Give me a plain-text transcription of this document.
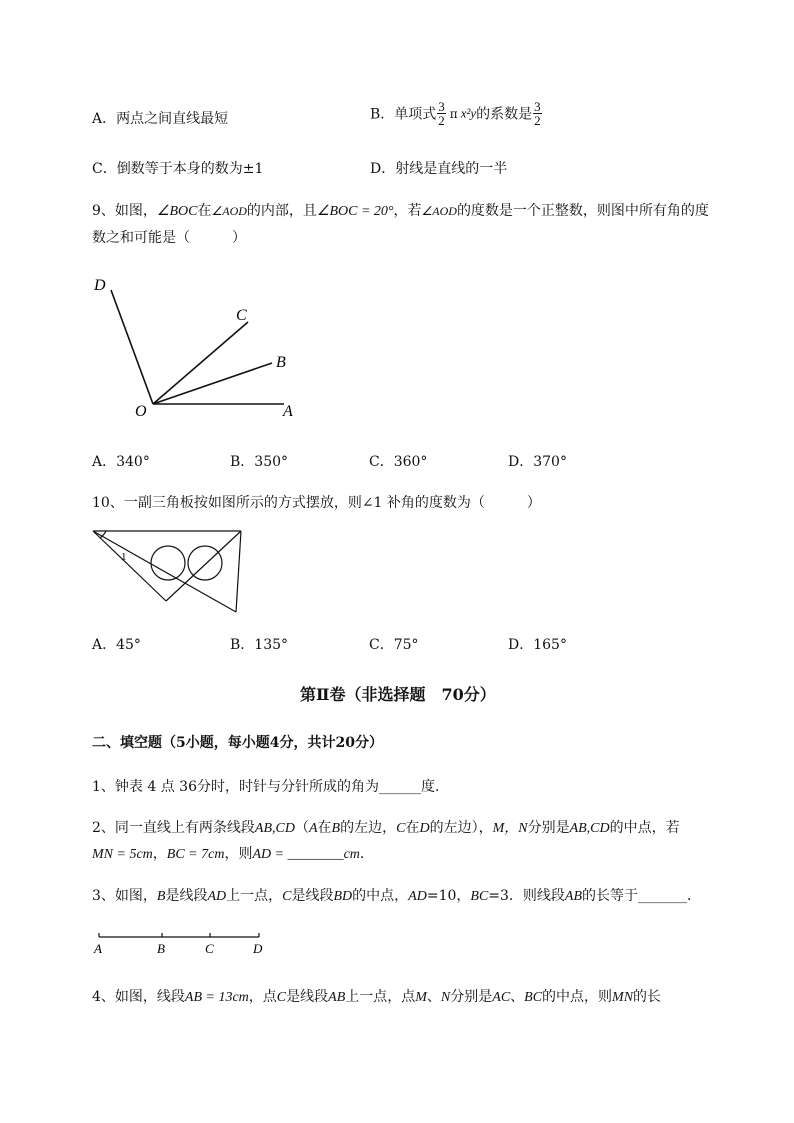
A．两点之间直线最短	B．单项式 $\frac{3}{2}$ π x²y的系数是 $\frac{3}{2}$
C．倒数等于本身的数为±1	D．射线是直线的一半
9、如图，∠BOC在∠AOD的内部，且∠BOC = 20°，若∠AOD的度数是一个正整数，则图中所有角的度
数之和可能是（　　　）
D
C
B
O	A
A．340°	B．350°	C．360°	D．370°
10、一副三角板按如图所示的方式摆放，则∠1 补角的度数为（　　　）
1
A．45°	B．135°	C．75°	D．165°
第Ⅱ卷（非选择题　70分）
二、填空题（5小题，每小题4分，共计20分）
1、钟表 4 点 36分时，时针与分针所成的角为______度．
2、同一直线上有两条线段AB,CD（A在B的左边，C在D的左边），M，N分别是AB,CD的中点，若
MN = 5cm，BC = 7cm，则AD = ________cm．
3、如图，B是线段AD上一点，C是线段BD的中点，AD=10，BC=3．则线段AB的长等于_______．
A	B	C	D
4、如图，线段AB = 13cm，点C是线段AB上一点，点M、N分别是AC、BC的中点，则MN的长
